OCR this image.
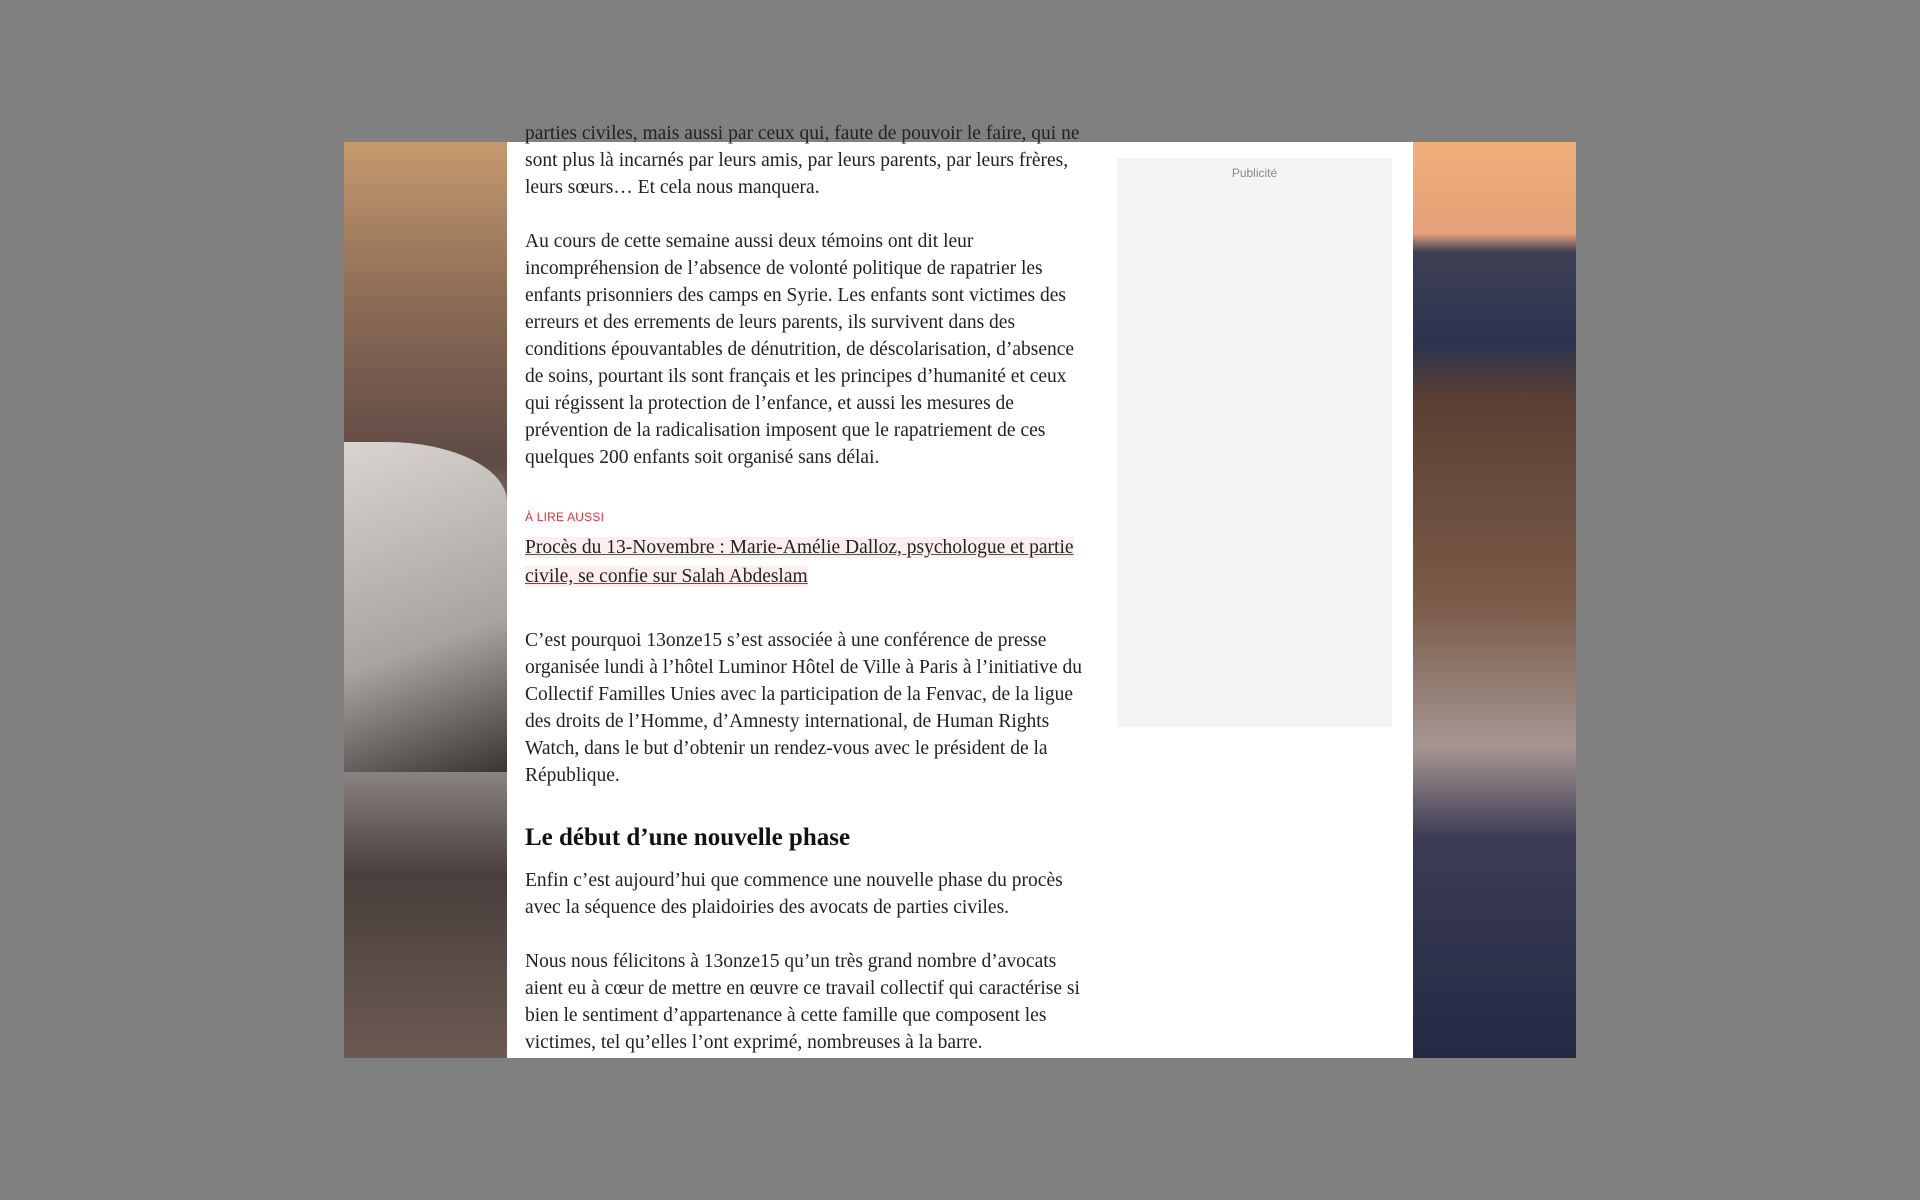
parties civiles, mais aussi par ceux qui, faute de pouvoir le faire, qui ne sont plus là incarnés par leurs amis, par leurs parents, par leurs frères, leurs sœurs… Et cela nous manquera.

Au cours de cette semaine aussi deux témoins ont dit leur incompréhension de l’absence de volonté politique de rapatrier les enfants prisonniers des camps en Syrie. Les enfants sont victimes des erreurs et des errements de leurs parents, ils survivent dans des conditions épouvantables de dénutrition, de déscolarisation, d’absence de soins, pourtant ils sont français et les principes d’humanité et ceux qui régissent la protection de l’enfance, et aussi les mesures de prévention de la radicalisation imposent que le rapatriement de ces quelques 200 enfants soit organisé sans délai.

À LIRE AUSSI
Procès du 13-Novembre : Marie-Amélie Dalloz, psychologue et partie civile, se confie sur Salah Abdeslam

C’est pourquoi 13onze15 s’est associée à une conférence de presse organisée lundi à l’hôtel Luminor Hôtel de Ville à Paris à l’initiative du Collectif Familles Unies avec la participation de la Fenvac, de la ligue des droits de l’Homme, d’Amnesty international, de Human Rights Watch, dans le but d’obtenir un rendez-vous avec le président de la République.

Le début d’une nouvelle phase

Enfin c’est aujourd’hui que commence une nouvelle phase du procès avec la séquence des plaidoiries des avocats de parties civiles.

Nous nous félicitons à 13onze15 qu’un très grand nombre d’avocats aient eu à cœur de mettre en œuvre ce travail collectif qui caractérise si bien le sentiment d’appartenance à cette famille que composent les victimes, tel qu’elles l’ont exprimé, nombreuses à la barre.

Publicité
